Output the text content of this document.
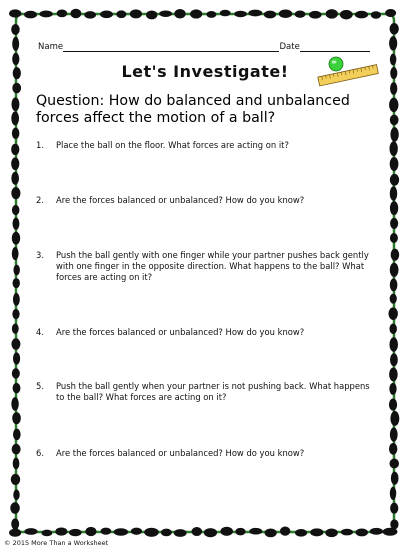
Name	Date
Let's Investigate!
Question: How do balanced and unbalanced forces affect the motion of a ball?
1.	Place the ball on the floor. What forces are acting on it?
2.	Are the forces balanced or unbalanced? How do you know?
3.	Push the ball gently with one finger while your partner pushes back gently with one finger in the opposite direction. What happens to the ball? What forces are acting on it?
4.	Are the forces balanced or unbalanced? How do you know?
5.	Push the ball gently when your partner is not pushing back. What happens to the ball? What forces are acting on it?
6.	Are the forces balanced or unbalanced? How do you know?
© 2015 More Than a Worksheet
